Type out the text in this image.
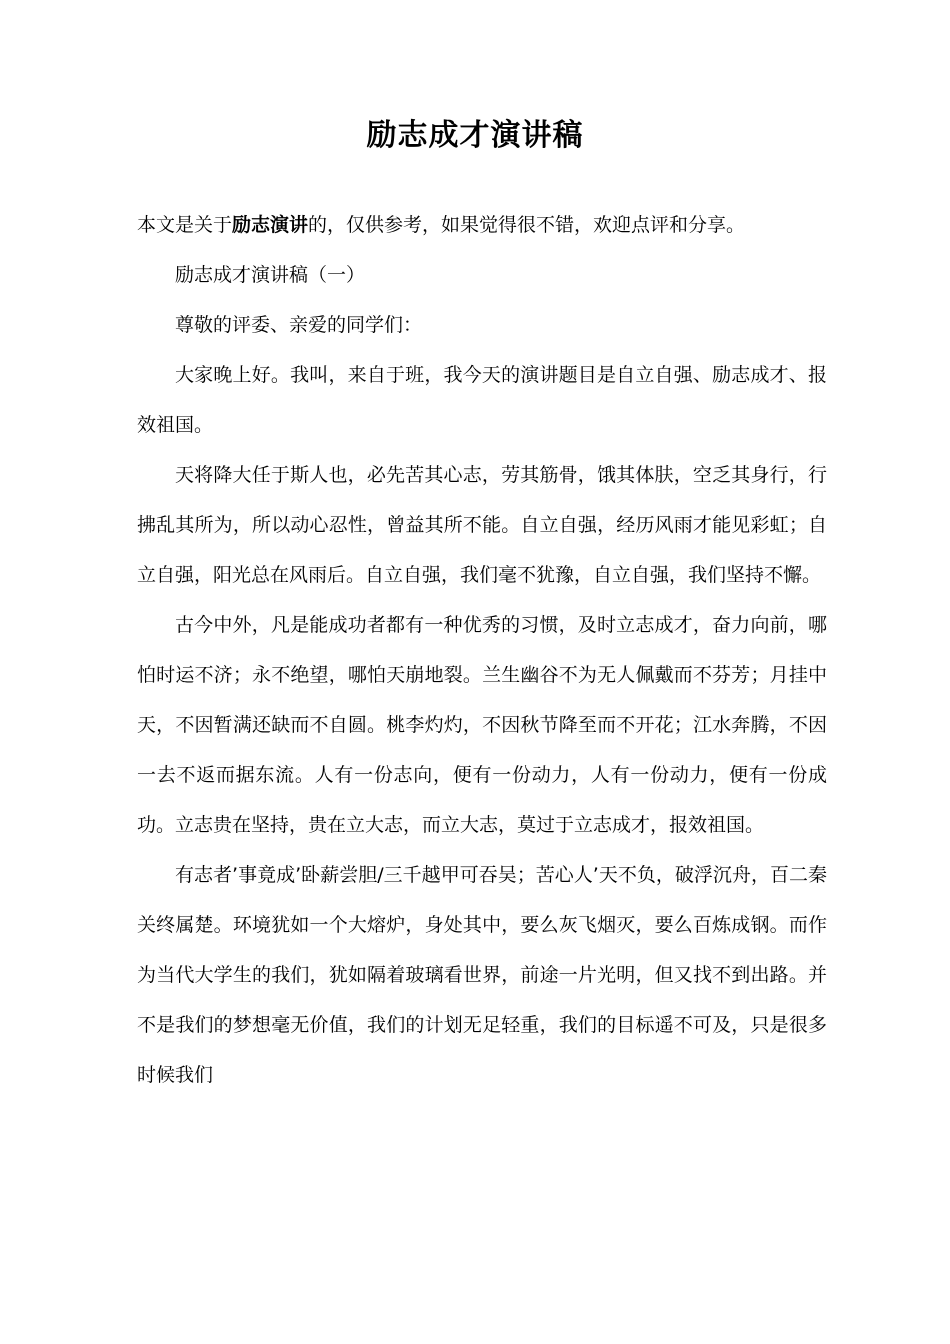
励志成才演讲稿

本文是关于励志演讲的，仅供参考，如果觉得很不错，欢迎点评和分享。

励志成才演讲稿（一）

尊敬的评委、亲爱的同学们：

大家晚上好。我叫，来自于班，我今天的演讲题目是自立自强、励志成才、报效祖国。

天将降大任于斯人也，必先苦其心志，劳其筋骨，饿其体肤，空乏其身行，行拂乱其所为，所以动心忍性，曾益其所不能。自立自强，经历风雨才能见彩虹；自立自强，阳光总在风雨后。自立自强，我们毫不犹豫，自立自强，我们坚持不懈。

古今中外，凡是能成功者都有一种优秀的习惯，及时立志成才，奋力向前，哪怕时运不济；永不绝望，哪怕天崩地裂。兰生幽谷不为无人佩戴而不芬芳；月挂中天，不因暂满还缺而不自圆。桃李灼灼，不因秋节降至而不开花；江水奔腾，不因一去不返而据东流。人有一份志向，便有一份动力，人有一份动力，便有一份成功。立志贵在坚持，贵在立大志，而立大志，莫过于立志成才，报效祖国。

有志者’事竟成’卧薪尝胆/三千越甲可吞吴；苦心人’天不负，破浮沉舟，百二秦关终属楚。环境犹如一个大熔炉，身处其中，要么灰飞烟灭，要么百炼成钢。而作为当代大学生的我们，犹如隔着玻璃看世界，前途一片光明，但又找不到出路。并不是我们的梦想毫无价值，我们的计划无足轻重，我们的目标遥不可及，只是很多时候我们
